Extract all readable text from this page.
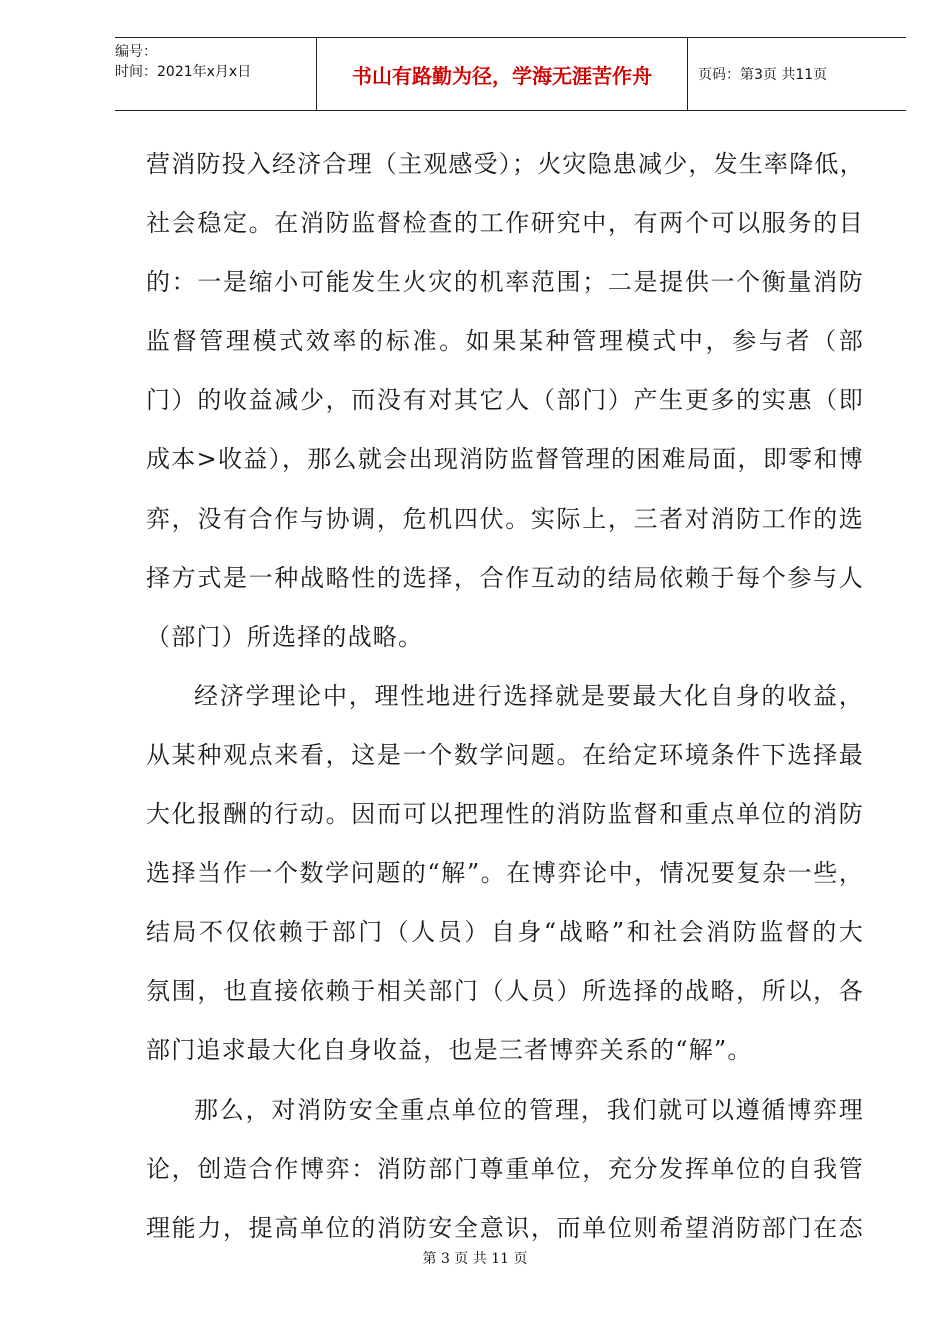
编号：
时间：2021年x月x日	书山有路勤为径，学海无涯苦作舟	页码：第3页 共11页
营消防投入经济合理（主观感受）；火灾隐患减少，发生率降低，
社会稳定。在消防监督检查的工作研究中，有两个可以服务的目
的：一是缩小可能发生火灾的机率范围；二是提供一个衡量消防
监督管理模式效率的标准。如果某种管理模式中，参与者（部
门）的收益减少，而没有对其它人（部门）产生更多的实惠（即
成本>收益），那么就会出现消防监督管理的困难局面，即零和博
弈，没有合作与协调，危机四伏。实际上，三者对消防工作的选
择方式是一种战略性的选择，合作互动的结局依赖于每个参与人
（部门）所选择的战略。
经济学理论中，理性地进行选择就是要最大化自身的收益，
从某种观点来看，这是一个数学问题。在给定环境条件下选择最
大化报酬的行动。因而可以把理性的消防监督和重点单位的消防
选择当作一个数学问题的“解”。在博弈论中，情况要复杂一些，
结局不仅依赖于部门（人员）自身“战略”和社会消防监督的大
氛围，也直接依赖于相关部门（人员）所选择的战略，所以，各
部门追求最大化自身收益，也是三者博弈关系的“解”。
那么，对消防安全重点单位的管理，我们就可以遵循博弈理
论，创造合作博弈：消防部门尊重单位，充分发挥单位的自我管
理能力，提高单位的消防安全意识，而单位则希望消防部门在态
第 3 页 共 11 页
